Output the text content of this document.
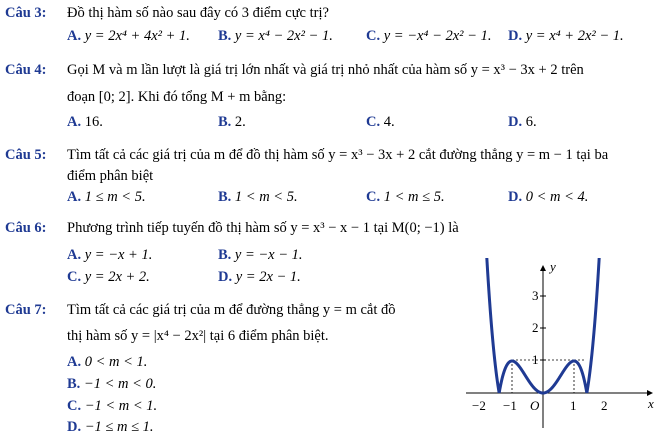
Câu 3: Đồ thị hàm số nào sau đây có 3 điểm cực trị?
A. y = 2x⁴ + 4x² + 1. B. y = x⁴ − 2x² − 1. C. y = −x⁴ − 2x² − 1. D. y = x⁴ + 2x² − 1.
Câu 4: Gọi M và m lần lượt là giá trị lớn nhất và giá trị nhỏ nhất của hàm số y = x³ − 3x + 2 trên
đoạn [0; 2]. Khi đó tổng M + m bằng:
A. 16.	B. 2.	C. 4.	D. 6.
Câu 5: Tìm tất cả các giá trị của m để đồ thị hàm số y = x³ − 3x + 2 cắt đường thẳng y = m − 1 tại ba
điểm phân biệt
A. 1 ≤ m < 5.	B. 1 < m < 5.	C. 1 < m ≤ 5.	D. 0 < m < 4.
Câu 6: Phương trình tiếp tuyến đồ thị hàm số y = x³ − x − 1 tại M(0; −1) là
A. y = −x + 1.	B. y = −x − 1.
C. y = 2x + 2.	D. y = 2x − 1.
Câu 7: Tìm tất cả các giá trị của m để đường thẳng y = m cắt đồ
thị hàm số y = |x⁴ − 2x²| tại 6 điểm phân biệt.
A. 0 < m < 1.
B. −1 < m < 0.
C. −1 < m < 1.
D. −1 ≤ m ≤ 1.
y
x
O
−2 −1	1 2
1
2
3
